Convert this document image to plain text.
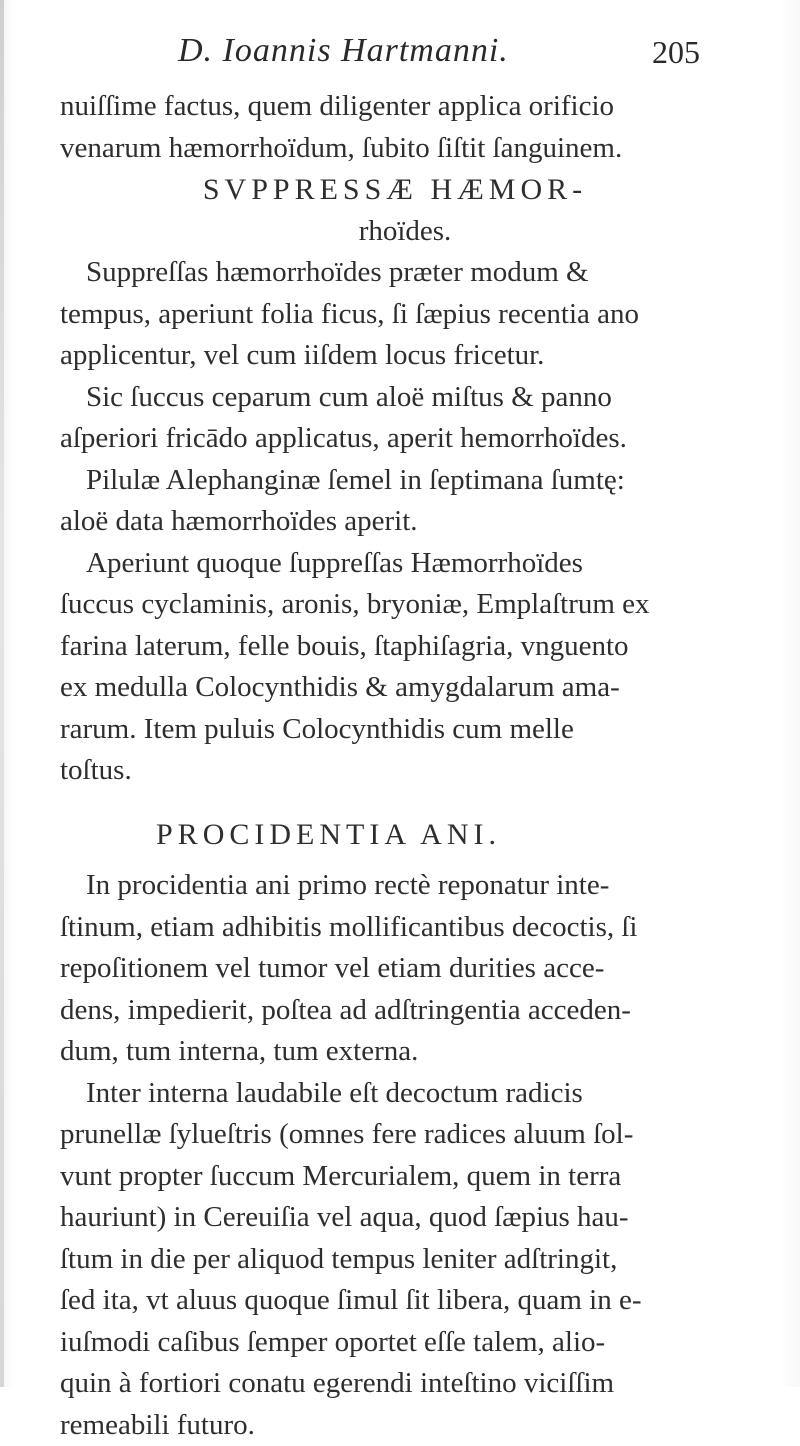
D. Ioannis Hartmanni.	205
nuiſſime factus, quem diligenter applica orificio
venarum hæmorrhoïdum, ſubito ſiſtit ſanguinem.
SVPPRESSÆ HÆMOR-
rhoïdes.
Suppreſſas hæmorrhoïdes præter modum &
tempus, aperiunt folia ficus, ſi ſæpius recentia ano
applicentur, vel cum iiſdem locus fricetur.
Sic ſuccus ceparum cum aloë miſtus & panno
aſperiori fricādo applicatus, aperit hemorrhoïdes.
Pilulæ Alephanginæ ſemel in ſeptimana ſumtę:
aloë data hæmorrhoïdes aperit.
Aperiunt quoque ſuppreſſas Hæmorrhoïdes
ſuccus cyclaminis, aronis, bryoniæ, Emplaſtrum ex
farina laterum, felle bouis, ſtaphiſagria, vnguento
ex medulla Colocynthidis & amygdalarum ama-
rarum. Item puluis Colocynthidis cum melle
toſtus.
PROCIDENTIA ANI.
In procidentia ani primo rectè reponatur inte-
ſtinum, etiam adhibitis mollificantibus decoctis, ſi
repoſitionem vel tumor vel etiam durities acce-
dens, impedierit, poſtea ad adſtringentia acceden-
dum, tum interna, tum externa.
Inter interna laudabile eſt decoctum radicis
prunellæ ſylueſtris (omnes fere radices aluum ſol-
vunt propter ſuccum Mercurialem, quem in terra
hauriunt) in Cereuiſia vel aqua, quod ſæpius hau-
ſtum in die per aliquod tempus leniter adſtringit,
ſed ita, vt aluus quoque ſimul ſit libera, quam in e-
iuſmodi caſibus ſemper oportet eſſe talem, alio-
quin à fortiori conatu egerendi inteſtino viciſſim
remeabili futuro.
